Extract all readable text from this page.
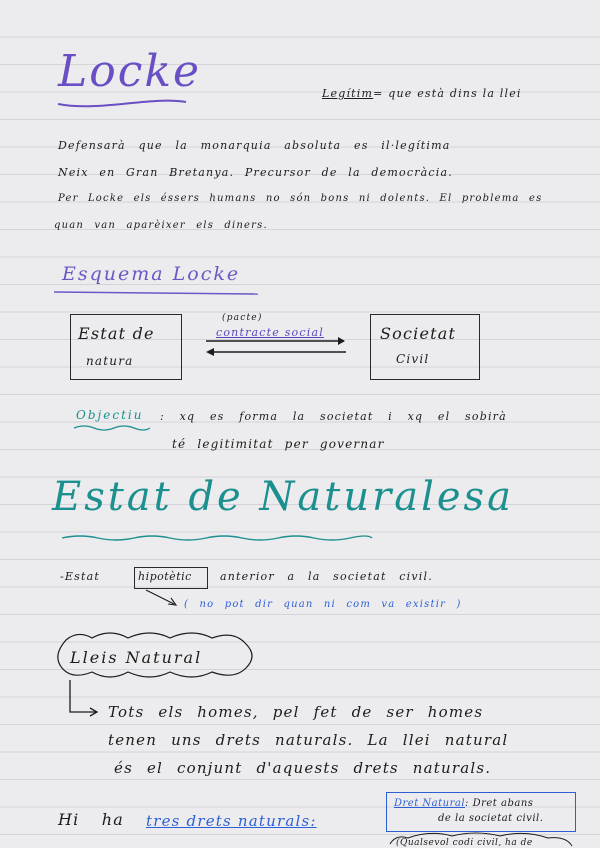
Locke	Legítim= que està dins la llei
Defensarà que la monarquia absoluta es il·legítima
Neix en Gran Bretanya. Precursor de la democràcia.
Per Locke els éssers humans no són bons ni dolents. El problema es
quan van aparèixer els diners.
Esquema Locke
Estat de
natura
Societat
Civil
(pacte)
contracte social
Objectiu : xq es forma la societat i xq el sobirà
té legitimitat per governar
Estat de Naturalesa
-Estat	hipotètic	anterior a la societat civil.
( no pot dir quan ni com va existir )
Lleis Natural
Tots els homes, pel fet de ser homes
tenen uns drets naturals. La llei natural
és el conjunt d'aquests drets naturals.
Hi ha tres drets naturals:
Dret Natural: Dret abans
de la societat civil.
(Qualsevol codi civil, ha de
